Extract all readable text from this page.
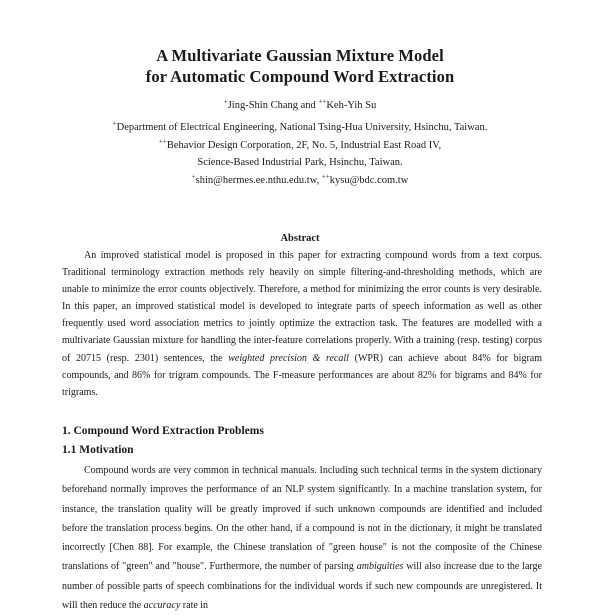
A Multivariate Gaussian Mixture Model
for Automatic Compound Word Extraction
+Jing-Shin Chang and ++Keh-Yih Su
+Department of Electrical Engineering, National Tsing-Hua University, Hsinchu, Taiwan.
++Behavior Design Corporation, 2F, No. 5, Industrial East Road IV,
Science-Based Industrial Park, Hsinchu, Taiwan.
+shin@hermes.ee.nthu.edu.tw, ++kysu@bdc.com.tw
Abstract

An improved statistical model is proposed in this paper for extracting compound words from a text corpus. Traditional terminology extraction methods rely heavily on simple filtering-and-thresholding methods, which are unable to minimize the error counts objectively. Therefore, a method for minimizing the error counts is very desirable. In this paper, an improved statistical model is developed to integrate parts of speech information as well as other frequently used word association metrics to jointly optimize the extraction task. The features are modelled with a multivariate Gaussian mixture for handling the inter-feature correlations properly. With a training (resp. testing) corpus of 20715 (resp. 2301) sentences, the weighted precision & recall (WPR) can achieve about 84% for bigram compounds, and 86% for trigram compounds. The F-measure performances are about 82% for bigrams and 84% for trigrams.

1. Compound Word Extraction Problems
1.1 Motivation

Compound words are very common in technical manuals. Including such technical terms in the system dictionary beforehand normally improves the performance of an NLP system significantly. In a machine translation system, for instance, the translation quality will be greatly improved if such unknown compounds are identified and included before the translation process begins. On the other hand, if a compound is not in the dictionary, it might be translated incorrectly [Chen 88]. For example, the Chinese translation of "green house" is not the composite of the Chinese translations of "green" and "house". Furthermore, the number of parsing ambiguities will also increase due to the large number of possible parts of speech combinations for the individual words if such new compounds are unregistered. It will then reduce the accuracy rate in
